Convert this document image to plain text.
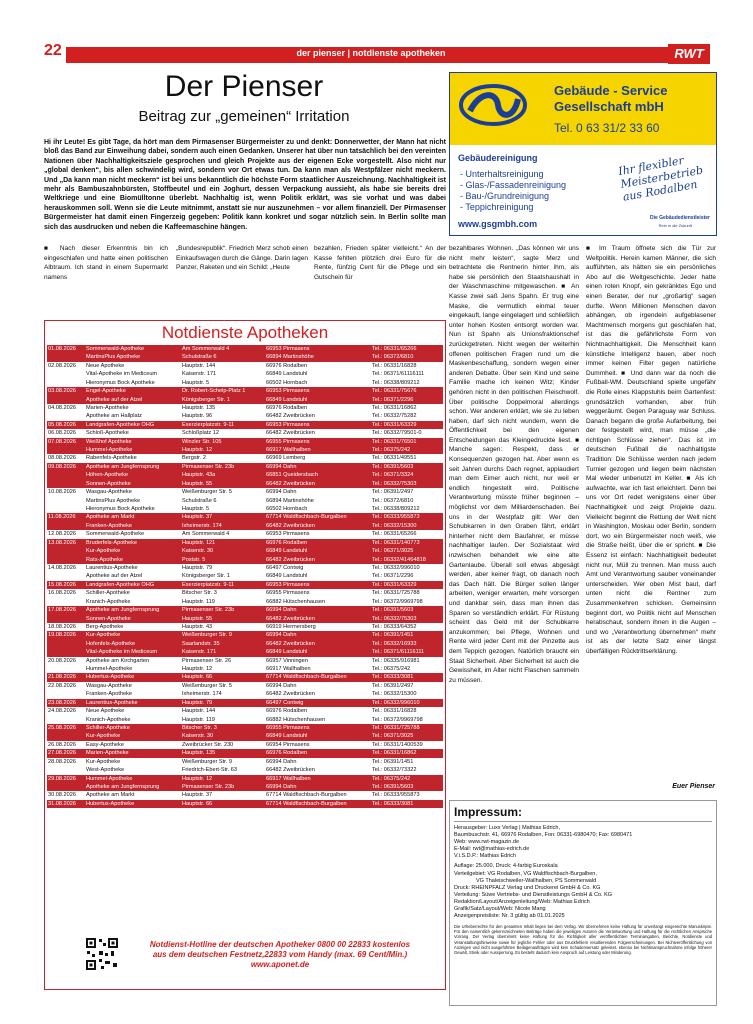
22	der pienser | notdienste apotheken	RWT
Der Pienser
Beitrag zur „gemeinen“ Irritation

Hi ihr Leute! Es gibt Tage, da hört man dem Pirmasenser Bürgermeister zu und denkt: Donnerwetter, der Mann hat nicht bloß das Band zur Einweihung dabei, sondern auch einen Gedanken. Unserer hat über nun tatsächlich bei den vereinten Nationen über Nachhaltigkeitsziele gesprochen und gleich Projekte aus der eigenen Ecke vorgestellt. Also nicht nur „global denken“, bis allen schwindelig wird, sondern vor Ort etwas tun. Da kann man als Westpfälzer nicht meckern. Und „Da kann man nicht meckern“ ist bei uns bekanntlich die höchste Form staatlicher Auszeichnung. Nachhaltigkeit ist mehr als Bambuszahnbürsten, Stoffbeutel und ein Joghurt, dessen Verpackung aussieht, als habe sie bereits drei Weltkriege und eine Biomülltonne überlebt. Nachhaltig ist, wenn Politik erklärt, was sie vorhat und was dabei herauskommen soll. Wenn sie die Leute mitnimmt, anstatt sie nur auszunehmen – vor allem finanziell. Der Pirmasenser Bürgermeister hat damit einen Fingerzeig gegeben: Politik kann konkret und sogar nützlich sein. In Berlin sollte man sich das ausdrucken und neben die Kaffeemaschine hängen.

Gebäude - Service
Gesellschaft mbH
Tel. 0 63 31/2 33 60
Gebäudereinigung
- Unterhaltsreinigung
- Glas-/Fassadenreinigung
- Bau-/Grundreinigung
- Teppichreinigung
Ihr flexibler Meisterbetrieb aus Rodalben
www.gsgmbh.com
Die Gebäudedienstleister
Rein in die Zukunft
■ Nach dieser Erkenntnis bin ich eingeschlafen und hatte einen politischen Albtraum. Ich stand in einem Supermarkt namens
„Bundesrepublik“. Friedrich Merz schob einen Einkaufswagen durch die Gänge. Darin lagen Panzer, Raketen und ein Schild: „Heute
bezahlen, Frieden später vielleicht.“ An der Kasse fehlten plötzlich drei Euro für die Rente, fünfzig Cent für die Pflege und ein Gutschein für
bezahlbares Wohnen. „Das können wir uns nicht mehr leisten“, sagte Merz und betrachtete die Rentnerin hinter ihm, als habe sie persönlich den Staatshaushalt in der Waschmaschine mitgewaschen. ■ An Kasse zwei saß Jens Spahn. Er trug eine Maske, die vermutlich einmal teuer eingekauft, lange eingelagert und schließlich unter hohen Kosten entsorgt worden war. Nun ist Spahn als Unionsfraktionschef zurückgetreten. Nicht wegen der weiterhin offenen politischen Fragen rund um die Maskenbeschaffung, sondern wegen einer anderen Debatte. Über sein Kind und seine Familie mache ich keinen Witz; Kinder gehören nicht in den politischen Fleischwolf. Über politische Doppelmoral allerdings schon. Wer anderen erklärt, wie sie zu leben haben, darf sich nicht wundern, wenn die Öffentlichkeit bei den eigenen Entscheidungen das Kleingedruckte liest. ■ Manche sagen: Respekt, dass er Konsequenzen gezogen hat. Aber wenn es seit Jahren durchs Dach regnet, applaudiert man dem Eimer auch nicht, nur weil er endlich hingestellt wird. Politische Verantwortung müsste früher beginnen – möglichst vor dem Milliardenschaden. Bei uns in der Westpfalz gilt: Wer den Schubkarren in den Graben fährt, erklärt hinterher nicht dem Baufahrer, er müsse nachhaltiger laufen. Der Sozialstaat wird inzwischen behandelt wie eine alte Gartenlaube. Überall soll etwas abgesägt werden, aber keiner fragt, ob danach noch das Dach hält. Die Bürger sollen länger arbeiten, weniger erwarten, mehr vorsorgen und dankbar sein, dass man ihnen das Sparen so verständlich erklärt. Für Rüstung scheint das Geld mit der Schubkarre anzukommen; bei Pflege, Wohnen und Rente wird jeder Cent mit der Pinzette aus dem Teppich gezogen. Natürlich braucht ein Staat Sicherheit. Aber Sicherheit ist auch die Gewissheit, im Alter nicht Flaschen sammeln zu müssen.
■ Im Traum öffnete sich die Tür zur Weltpolitik. Herein kamen Männer, die sich aufführten, als hätten sie ein persönliches Abo auf die Weltgeschichte. Jeder hatte einen roten Knopf, ein gekränktes Ego und einen Berater, der nur „großartig“ sagen durfte. Wenn Millionen Menschen davon abhängen, ob irgendein aufgeblasener Machtmensch morgens gut geschlafen hat, ist das die gefährlichste Form von Nichtnachhaltigkeit. Die Menschheit kann künstliche Intelligenz bauen, aber noch immer keinen Filter gegen natürliche Dummheit. ■ Und dann war da noch die Fußball-WM. Deutschland spielte ungefähr die Rolle eines Klappstuhls beim Gartenfest: grundsätzlich vorhanden, aber früh weggeräumt. Gegen Paraguay war Schluss. Danach begann die große Aufarbeitung, bei der festgestellt wird, man müsse „die richtigen Schlüsse ziehen“. Das ist im deutschen Fußball die nachhaltigste Tradition: Die Schlüsse werden nach jedem Turnier gezogen und liegen beim nächsten Mal wieder unbenutzt im Keller. ■ Als ich aufwachte, war ich fast erleichtert. Denn bei uns vor Ort redet wenigstens einer über Nachhaltigkeit und zeigt Projekte dazu. Vielleicht beginnt die Rettung der Welt nicht in Washington, Moskau oder Berlin, sondern dort, wo ein Bürgermeister noch weiß, wie die Straße heißt, über die er spricht. ■ Die Essenz ist einfach: Nachhaltigkeit bedeutet nicht nur, Müll zu trennen. Man muss auch Amt und Verantwortung sauber voneinander unterscheiden. Wer oben Mist baut, darf unten nicht die Rentner zum Zusammenkehren schicken. Gemeinsinn beginnt dort, wo Politik nicht auf Menschen herabschaut, sondern ihnen in die Augen – und wo „Verantwortung übernehmen“ mehr ist als der letzte Satz einer längst überfälligen Rücktrittserklärung.
Euer Pienser
Notdienste Apotheken
01.08.2026	Sommerwald-Apotheke	Am Sommerwald 4	66953 Pirmasens	Tel.: 06331/65266
	MartinsPlus Apotheke	Schulstraße 6	66894 Martinshöhe	Tel.: 06372/6810
02.08.2026	Neue Apotheke	Hauptstr. 144	66976 Rodalben	Tel.: 06331/16828
	Vital-Apotheke im Mediceum	Kaiserstr. 171	66849 Landstuhl	Tel.: 06371/61116111
	Hieronymus Bock Apotheke	Hauptstr. 5	66502 Hornbach	Tel.: 06338/809212
03.08.2026	Engel-Apotheke	Dr. Robert-Schelp-Platz 1	66953 Pirmasens	Tel.: 06331/75676
	Apotheke auf der Atzel	Königsberger Str. 1	66849 Landstuhl	Tel.: 06371/2296
04.08.2026	Marien-Apotheke	Hauptstr. 135	66976 Rodalben	Tel.: 06331/16862
	Apotheke am Hallplatz	Hauptstr. 96	66482 Zweibrücken	Tel.: 06332/75282
05.08.2026	Landgrafen-Apotheke OHG	Exerzierplatzstr. 9-11	66953 Pirmasens	Tel.: 06331/63329
06.08.2026	Schloß-Apotheke	Schloßplatz 12	66482 Zweibrücken	Tel.: 06332/79501-0
07.08.2026	Weißhof Apotheke	Winzler Str. 105	66955 Pirmasens	Tel.: 06331/76501
	Hummel-Apotheke	Hauptstr. 12	66917 Wallhalben	Tel.: 06375/242
08.08.2026	Rabenfels-Apotheke	Bergstr. 2	66969 Lemberg	Tel.: 06331/49551
09.08.2026	Apotheke am Jungfernsprung	Pirmasenser Str. 23b	66994 Dahn	Tel.: 06391/5603
	Höhen-Apotheke	Hauptstr. 43a	66851 Queidersbach	Tel.: 06371/3324
	Sonnen-Apotheke	Hauptstr. 55	66482 Zweibrücken	Tel.: 06332/75303
10.08.2026	Wasgau-Apotheke	Weißenburger Str. 5	66994 Dahn	Tel.: 06391/2497
	MartinsPlus Apotheke	Schulstraße 6	66894 Martinshöhe	Tel.: 06372/6810
	Hieronymus Bock Apotheke	Hauptstr. 5	66502 Hornbach	Tel.: 06338/809212
11.08.2026	Apotheke am Markt	Hauptstr. 37	67714 Waldfischbach-Burgalben	Tel.: 06333/955873
	Franken-Apotheke	Ixheimerstr. 174	66482 Zweibrücken	Tel.: 06332/15300
12.08.2026	Sommerwald-Apotheke	Am Sommerwald 4	66953 Pirmasens	Tel.: 06331/65266
13.08.2026	Bruderfels-Apotheke	Hauptstr. 121	66976 Rodalben	Tel.: 06331/140773
	Kur-Apotheke	Kaiserstr. 30	66849 Landstuhl	Tel.: 06371/3025
	Rats-Apotheke	Poststr. 5	66482 Zweibrücken	Tel.: 06332/41464818
14.08.2026	Laurentius-Apotheke	Hauptstr. 79	66497 Contwig	Tel.: 06332/996010
	Apotheke auf der Atzel	Königsberger Str. 1	66849 Landstuhl	Tel.: 06371/2296
15.08.2026	Landgrafen-Apotheke OHG	Exerzierplatzstr. 9-11	66953 Pirmasens	Tel.: 06331/63329
16.08.2026	Schiller-Apotheke	Bitscher Str. 3	66955 Pirmasens	Tel.: 06331/725788
	Kranich-Apotheke	Hauptstr. 119	66882 Hütschenhausen	Tel.: 06372/9969798
17.08.2026	Apotheke am Jungfernsprung	Pirmasenser Str. 23b	66994 Dahn	Tel.: 06391/5603
	Sonnen-Apotheke	Hauptstr. 55	66482 Zweibrücken	Tel.: 06332/75303
18.08.2026	Berg-Apotheke	Hauptstr. 43	66919 Hermersberg	Tel.: 06333/64352
19.08.2026	Kur-Apotheke	Weißenburger Str. 9	66994 Dahn	Tel.: 06391/1451
	Hofenfels-Apotheke	Saarlandstr. 35	66482 Zweibrücken	Tel.: 06332/16933
	Vital-Apotheke im Mediceum	Kaiserstr. 171	66849 Landstuhl	Tel.: 06371/61116111
20.08.2026	Apotheke am Kirchgarten	Pirmasenser Str. 26	66957 Vinningen	Tel.: 06335/916981
	Hummel-Apotheke	Hauptstr. 12	66917 Wallhalben	Tel.: 06375/242
21.08.2026	Hubertus-Apotheke	Hauptstr. 66	67714 Waldfischbach-Burgalben	Tel.: 06333/3081
22.08.2026	Wasgau-Apotheke	Weißenburger Str. 5	66994 Dahn	Tel.: 06391/2497
	Franken-Apotheke	Ixheimerstr. 174	66482 Zweibrücken	Tel.: 06332/15300
23.08.2026	Laurentius-Apotheke	Hauptstr. 79	66497 Contwig	Tel.: 06332/996010
24.08.2026	Neue Apotheke	Hauptstr. 144	66976 Rodalben	Tel.: 06331/16828
	Kranich-Apotheke	Hauptstr. 119	66882 Hütschenhausen	Tel.: 06372/9969798
25.08.2026	Schiller-Apotheke	Bitscher Str. 3	66955 Pirmasens	Tel.: 06331/725788
	Kur-Apotheke	Kaiserstr. 30	66849 Landstuhl	Tel.: 06371/3025
26.08.2026	Easy-Apotheke	Zweibrücker Str. 230	66954 Pirmasens	Tel.: 06331/1400539
27.08.2026	Marien-Apotheke	Hauptstr. 135	66976 Rodalben	Tel.: 06331/16862
28.08.2026	Kur-Apotheke	Weißenburger Str. 9	66994 Dahn	Tel.: 06391/1451
	West-Apotheke	Friedrich-Ebert-Str. 63	66482 Zweibrücken	Tel.: 06332/73322
29.08.2026	Hummel-Apotheke	Hauptstr. 12	66917 Wallhalben	Tel.: 06375/242
	Apotheke am Jungfernsprung	Pirmasenser Str. 23b	66994 Dahn	Tel.: 06391/5603
30.08.2026	Apotheke am Markt	Hauptstr. 37	67714 Waldfischbach-Burgalben	Tel.: 06333/955873
31.08.2026	Hubertus-Apotheke	Hauptstr. 66	67714 Waldfischbach-Burgalben	Tel.: 06333/3081
Notdienst-Hotline der deutschen Apotheker 0800 00 22833 kostenlos
aus dem deutschen Festnetz,22833 vom Handy (max. 69 Cent/Min.)
www.aponet.de
Impressum:
Herausgeber: Luxx Verlag | Mathias Edrich,
Baumbuschstr. 41, 66976 Rodalben, Fon: 06331-6980470; Fax: 6980471
Web: www.rwt-magazin.de
E-Mail: rwt@mathias-edrich.de
V.i.S.D.P.: Mathias Edrich
Auflage: 25.000, Druck: 4-farbig Euroskala
Verteilgebiet: VG Rodalben, VG Waldfischbach-Burgalben,
VG Thaleischweiler-Wallhalben, PS Sommerwald
Druck: RHEINPFALZ Verlag und Druckerei GmbH & Co. KG
Verteilung: Süwe Vertriebs- und Dienstleistungs GmbH & Co. KG
Redaktion/Layout/Anzeigenleitung/Web: Mathias Edrich
Grafik/Satz/Layout/Web: Nicole Mang
Anzeigenpreisliste: Nr. 3 gültig ab 01.01.2025

Die Urheberrechte für den gesamten Inhalt liegen bei dem Verlag. Wir übernehmen keine Haftung für unverlangt eingereichte Manuskripte. Für den namentlich gekennzeichneten Beiträge haben die jeweiligen Autoren die Verantwortung und Haftung für die rechtlichen Ansprüche Vorrang. Der Verlag übernimmt keine Haftung für die Richtigkeit aller veröffentlichten Terminangaben, Berichte, Notdienste und Veranstaltungshinweise sowie für jegliche Fehler oder aus Druckfehlern resultierenden Folgeerscheinungen. Bei Nichtveröffentlichung von Anzeigen und nicht ausgeführten Beilagenaufträgen wird kein Schadensersatz geleistet, ebenso bei Nichtinanspruchnahme infolge höherer Gewalt, Streik oder Aussperrung. Es besteht dadurch kein Anspruch auf Leistung oder Minderung.
